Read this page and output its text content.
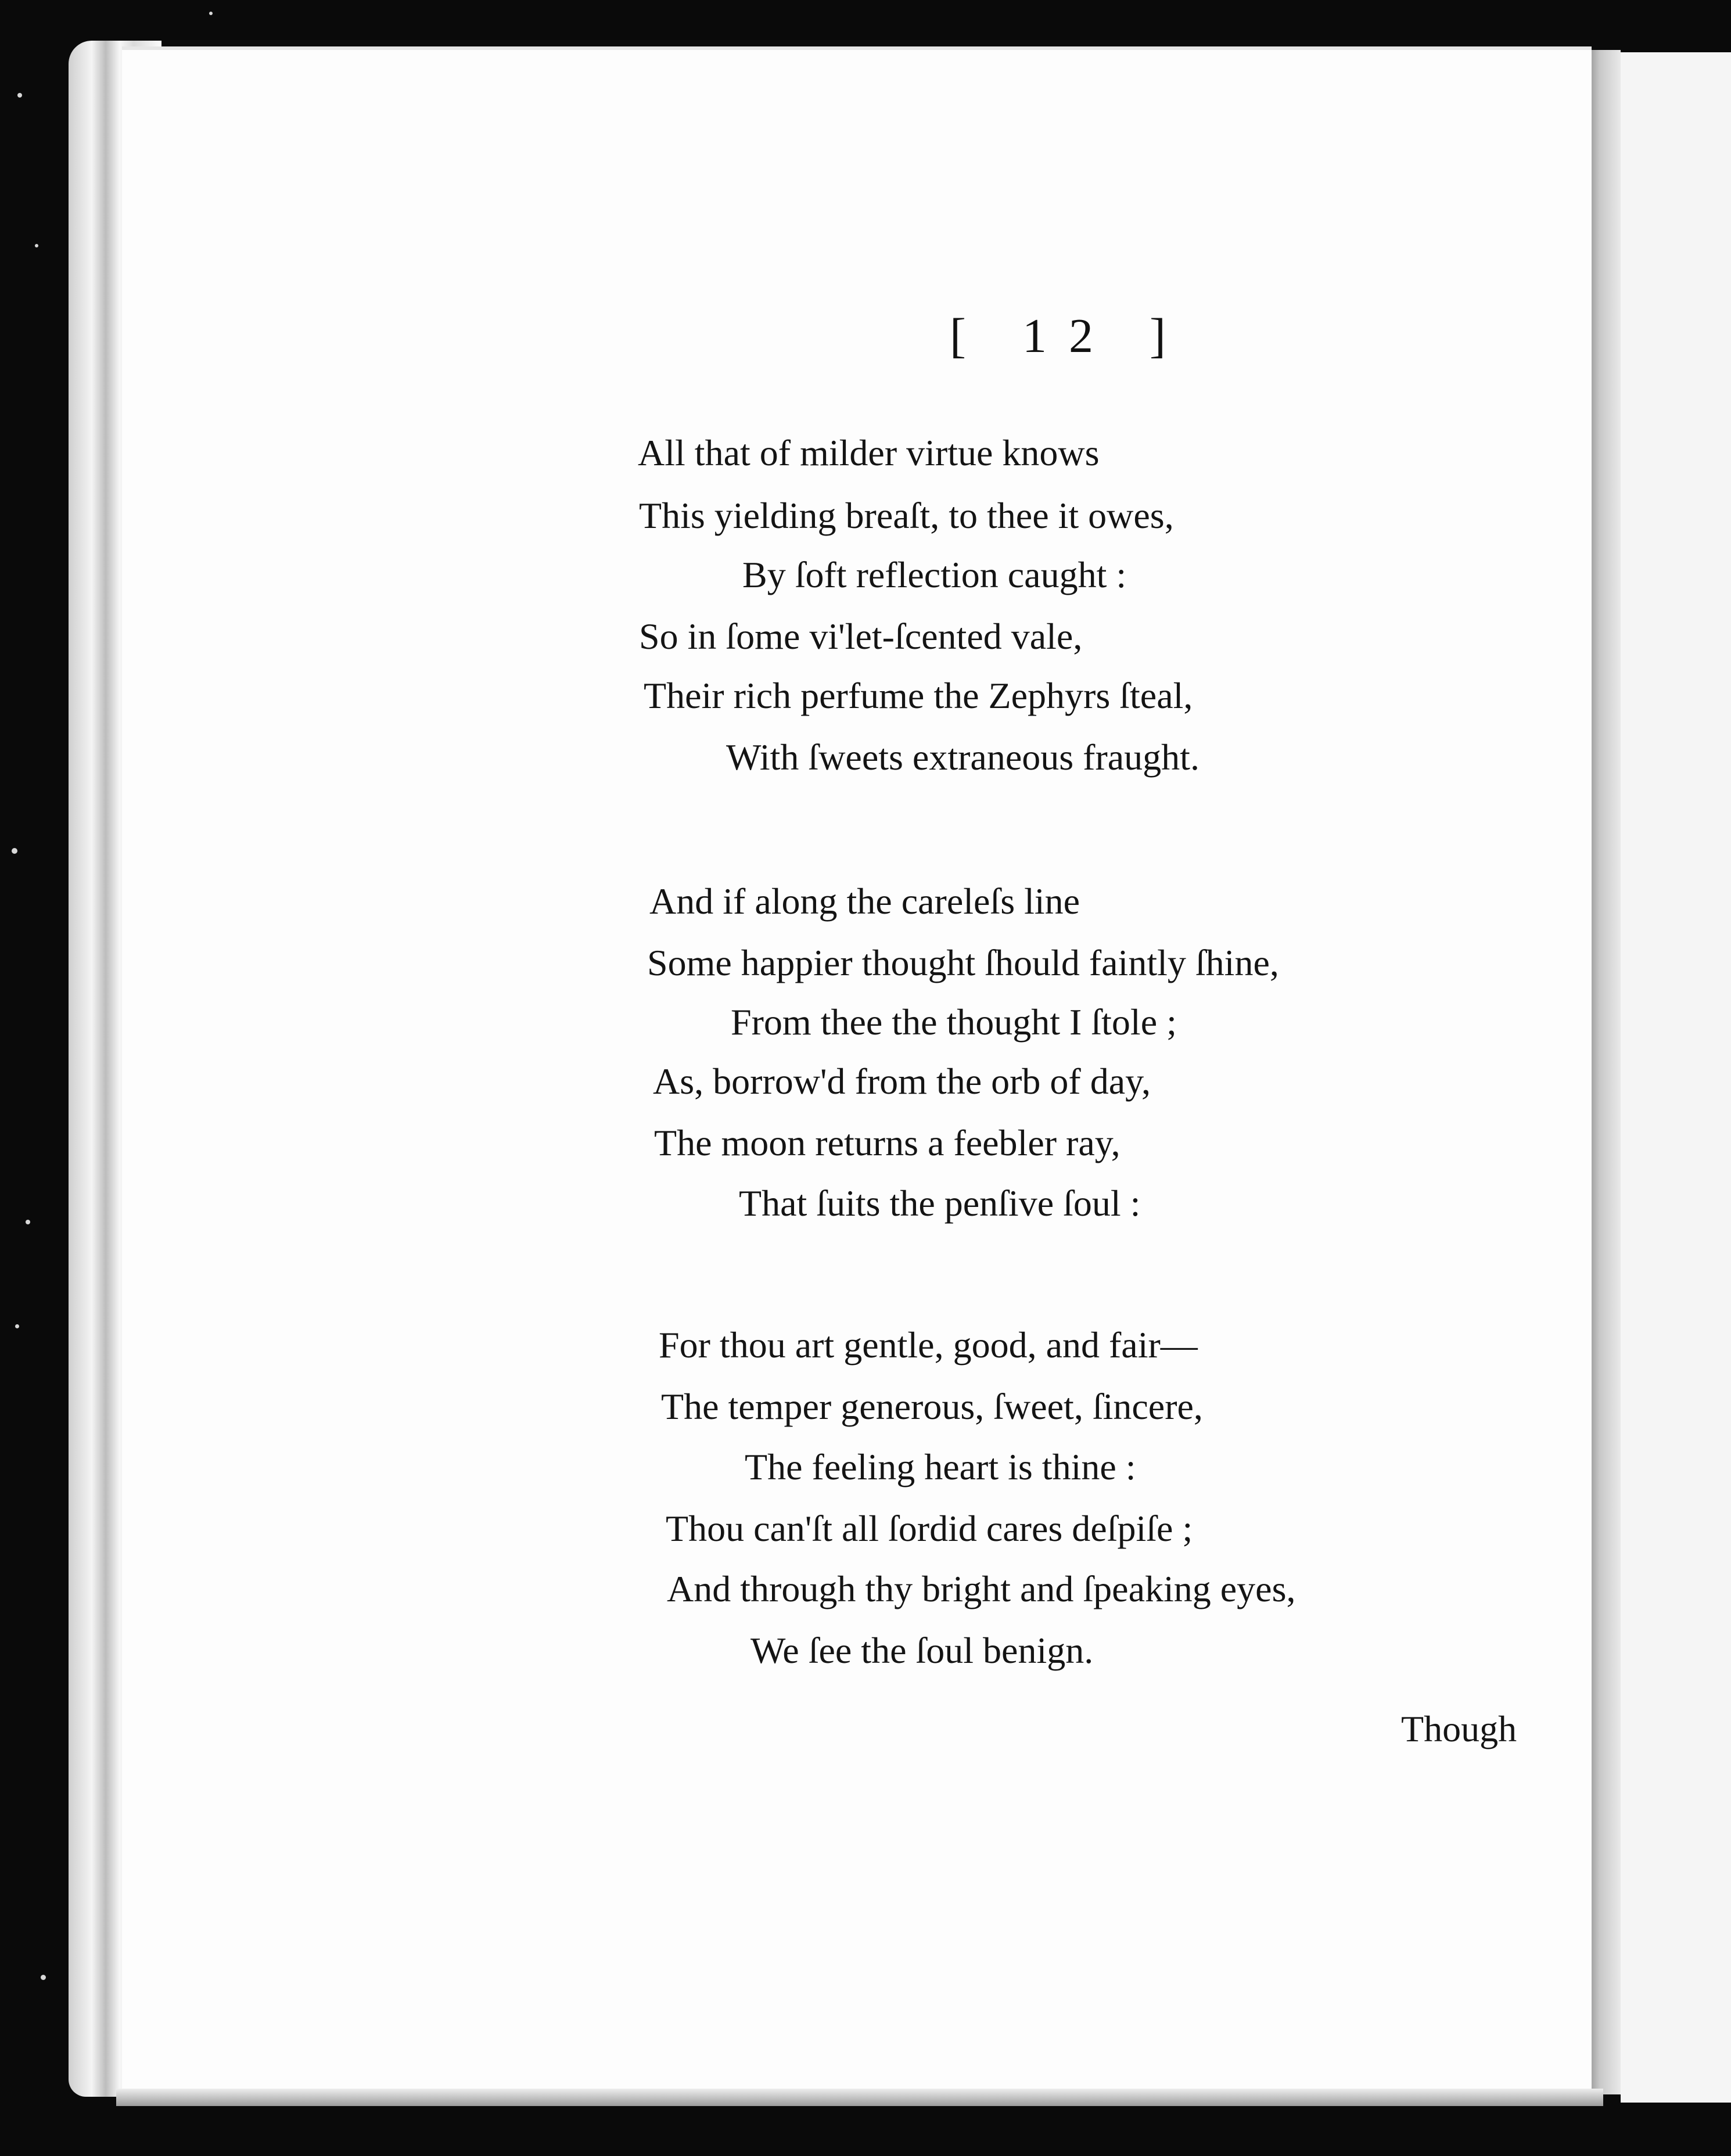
[ 12 ]
All that of milder virtue knows
This yielding breaſt, to thee it owes,
By ſoft reflection caught :
So in ſome vi'let-ſcented vale,
Their rich perfume the Zephyrs ſteal,
With ſweets extraneous fraught.
And if along the careleſs line
Some happier thought ſhould faintly ſhine,
From thee the thought I ſtole ;
As, borrow'd from the orb of day,
The moon returns a feebler ray,
That ſuits the penſive ſoul :
For thou art gentle, good, and fair—
The temper generous, ſweet, ſincere,
The feeling heart is thine :
Thou can'ſt all ſordid cares deſpiſe ;
And through thy bright and ſpeaking eyes,
We ſee the ſoul benign.
Though
